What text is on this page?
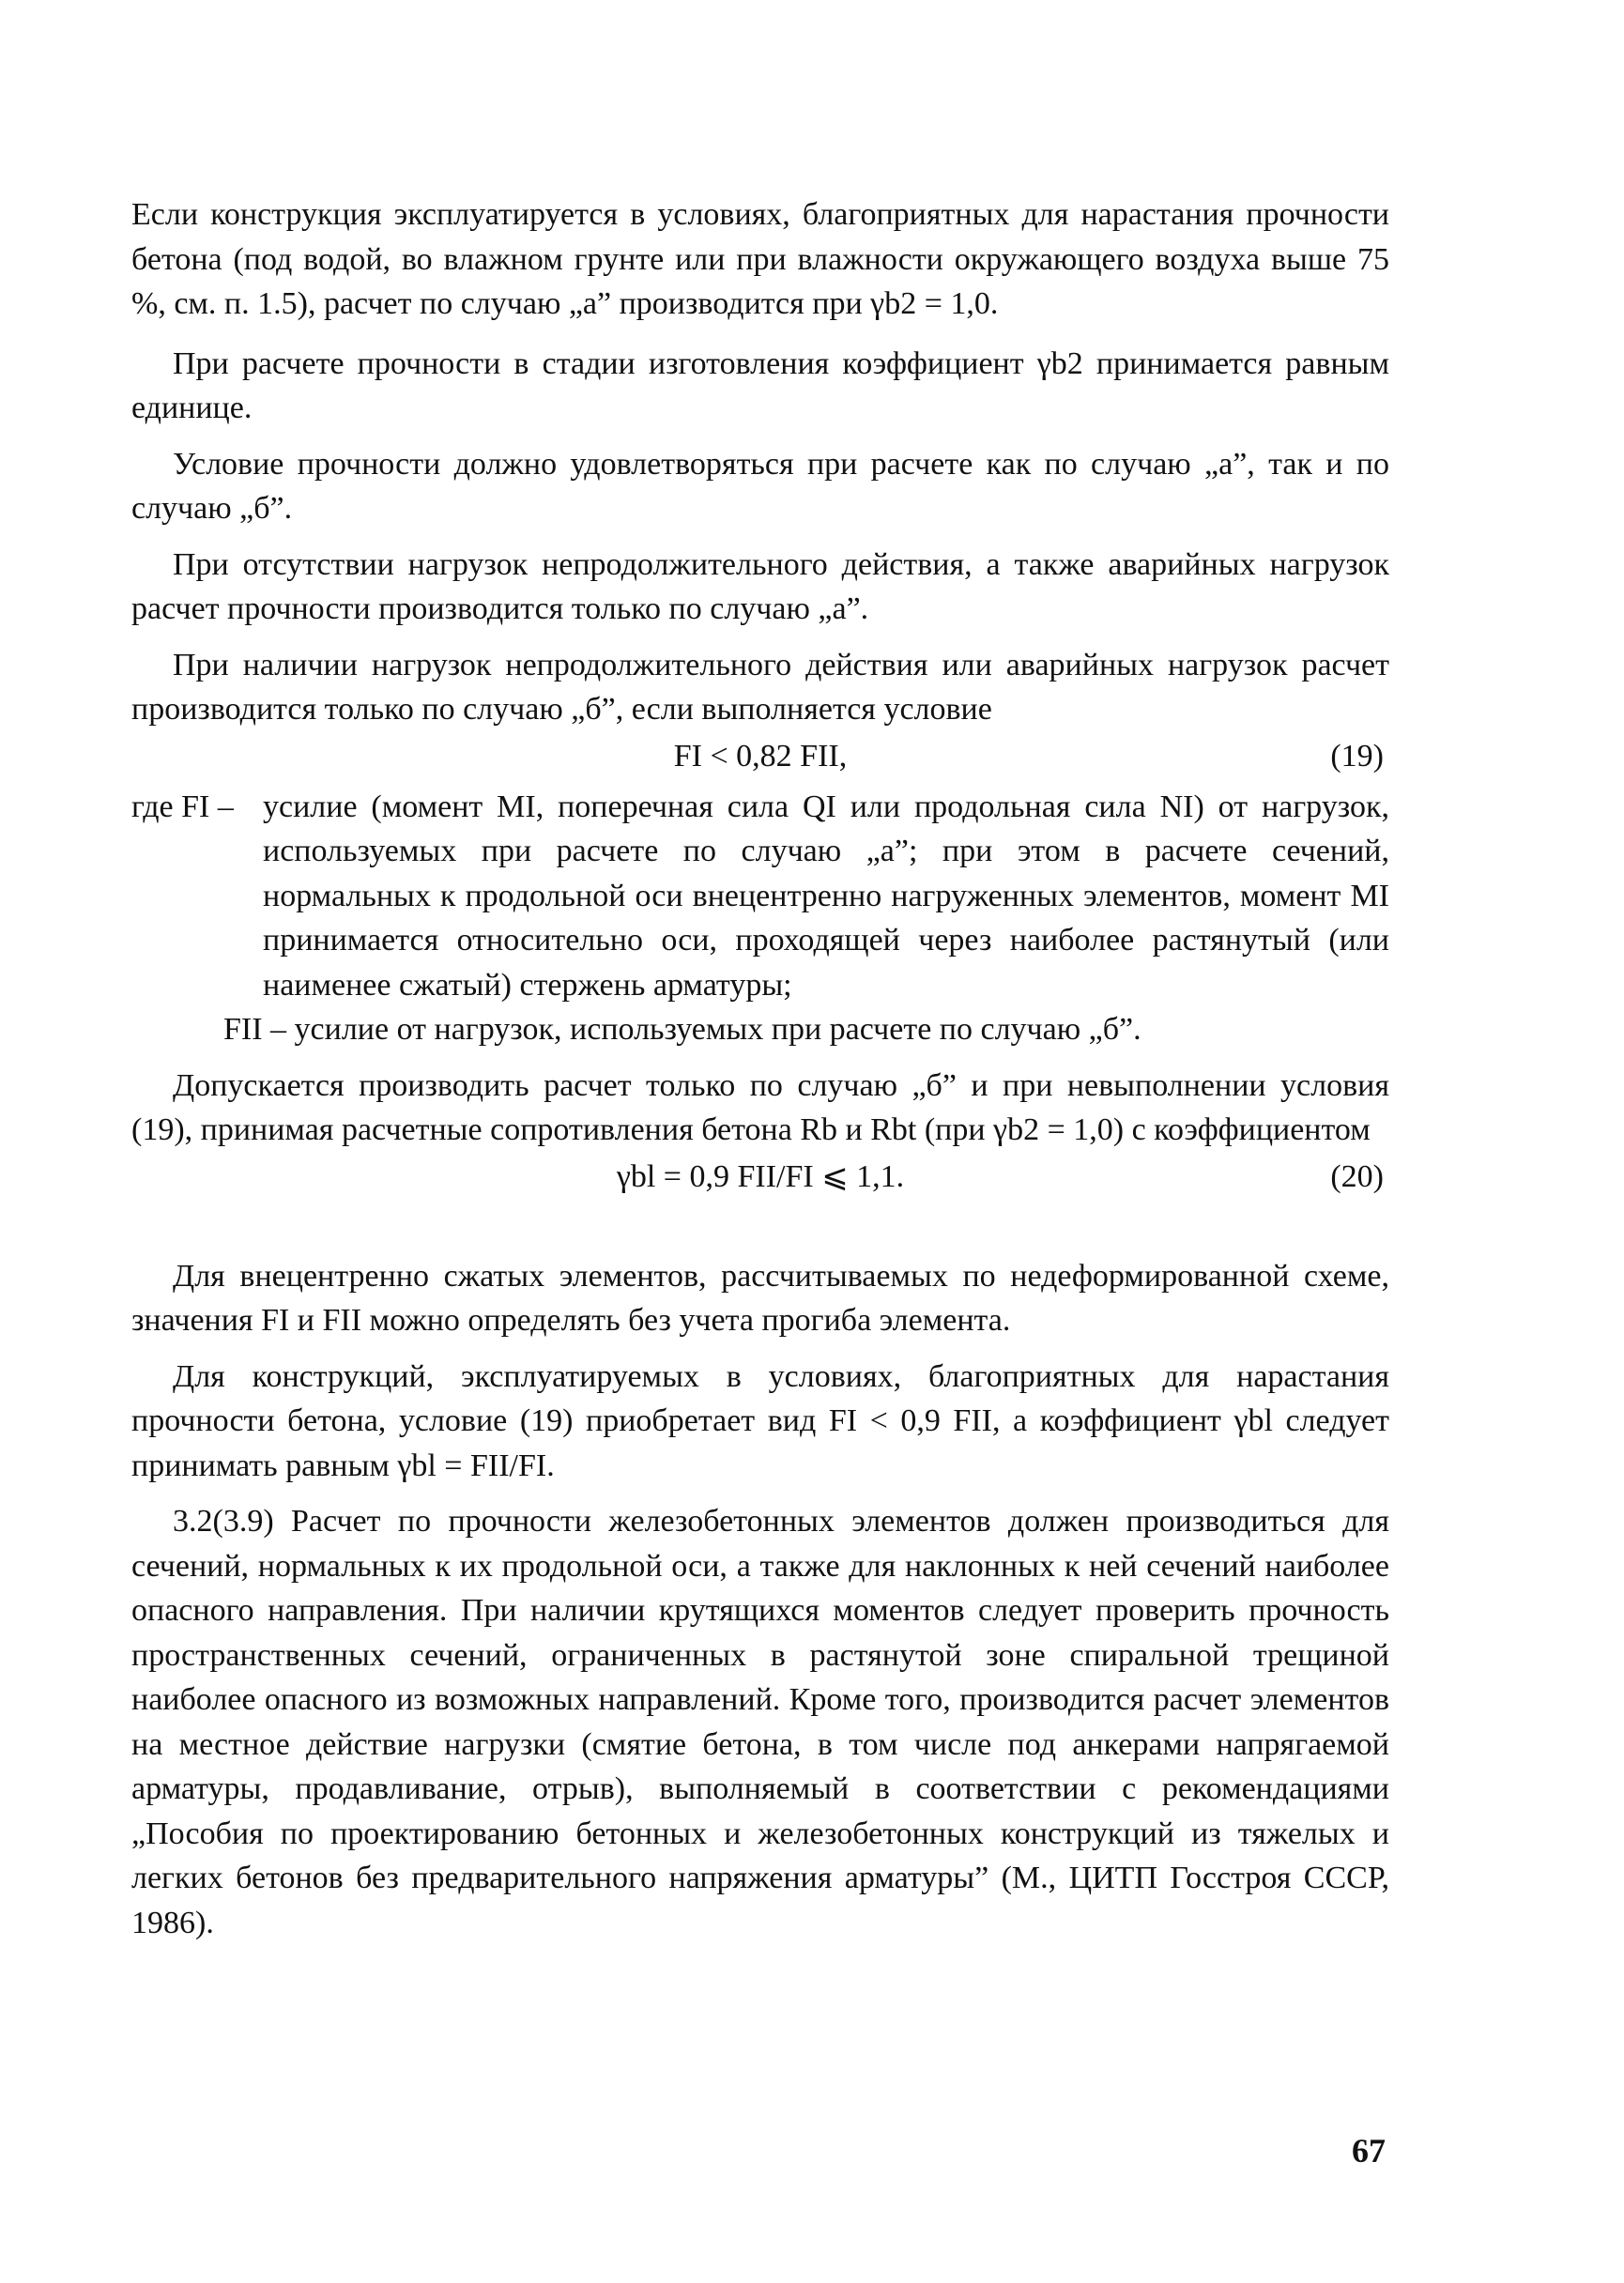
Если конструкция эксплуатируется в условиях, благоприятных для нарастания прочности бетона (под водой, во влажном грунте или при влажности окружающего воздуха выше 75 %, см. п. 1.5), расчет по случаю „а” производится при γb2 = 1,0.

При расчете прочности в стадии изготовления коэффициент γb2 принимается равным единице.

Условие прочности должно удовлетворяться при расчете как по случаю „а”, так и по случаю „б”.

При отсутствии нагрузок непродолжительного действия, а также аварийных нагрузок расчет прочности производится только по случаю „а”.

При наличии нагрузок непродолжительного действия или аварийных нагрузок расчет производится только по случаю „б”, если выполняется условие

FI < 0,82 FII,	(19)
где FI – усилие (момент MI, поперечная сила QI или продольная сила NI) от нагрузок, используемых при расчете по случаю „а”; при этом в расчете сечений, нормальных к продольной оси внецентренно нагруженных элементов, момент MI принимается относительно оси, проходящей через наиболее растянутый (или наименее сжатый) стержень арматуры;
FII – усилие от нагрузок, используемых при расчете по случаю „б”.

Допускается производить расчет только по случаю „б” и при невыполнении условия (19), принимая расчетные сопротивления бетона Rb и Rbt (при γb2 = 1,0) с коэффициентом

γbl = 0,9 FII/FI ⩽ 1,1.	(20)

Для внецентренно сжатых элементов, рассчитываемых по недеформированной схеме, значения FI и FII можно определять без учета прогиба элемента.

Для конструкций, эксплуатируемых в условиях, благоприятных для нарастания прочности бетона, условие (19) приобретает вид FI < 0,9 FII, а коэффициент γbl следует принимать равным γbl = FII/FI.

3.2(3.9) Расчет по прочности железобетонных элементов должен производиться для сечений, нормальных к их продольной оси, а также для наклонных к ней сечений наиболее опасного направления. При наличии крутящихся моментов следует проверить прочность пространственных сечений, ограниченных в растянутой зоне спиральной трещиной наиболее опасного из возможных направлений. Кроме того, производится расчет элементов на местное действие нагрузки (смятие бетона, в том числе под анкерами напрягаемой арматуры, продавливание, отрыв), выполняемый в соответствии с рекомендациями „Пособия по проектированию бетонных и железобетонных конструкций из тяжелых и легких бетонов без предварительного напряжения арматуры” (М., ЦИТП Госстроя СССР, 1986).

67
